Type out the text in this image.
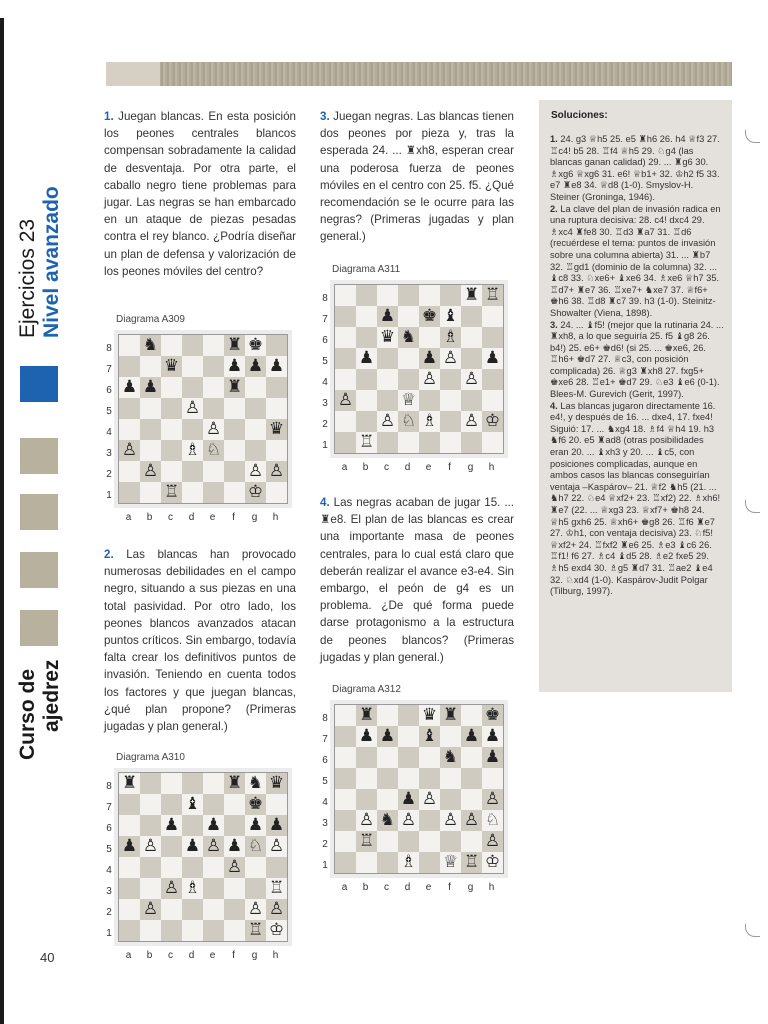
Ejercicios 23 Nivel avanzado
Curso de ajedrez
40
1. Juegan blancas. En esta posición los peones centrales blancos compensan sobradamente la calidad de desventaja. Por otra parte, el caballo negro tiene problemas para jugar. Las negras se han embarcado en un ataque de piezas pesadas contra el rey blanco. ¿Podría diseñar un plan de defensa y valorización de los peones móviles del centro?
2. Las blancas han provocado numerosas debilidades en el campo negro, situando a sus piezas en una total pasividad. Por otro lado, los peones blancos avanzados atacan puntos críticos. Sin embargo, todavía falta crear los definitivos puntos de invasión. Teniendo en cuenta todos los factores y que juegan blancas, ¿qué plan propone? (Primeras jugadas y plan general.)
3. Juegan negras. Las blancas tienen dos peones por pieza y, tras la esperada 24. ... ♜xh8, esperan crear una poderosa fuerza de peones móviles en el centro con 25. f5. ¿Qué recomendación se le ocurre para las negras? (Primeras jugadas y plan general.)
4. Las negras acaban de jugar 15. ... ♜e8. El plan de las blancas es crear una importante masa de peones centrales, para lo cual está claro que deberán realizar el avance e3-e4. Sin embargo, el peón de g4 es un problema. ¿De qué forma puede darse protagonismo a la estructura de peones blancos? (Primeras jugadas y plan general.)
Diagrama A309
8
7
6
5
4
3
2
1
♞	♜ ♚
♛	♟ ♟ ♟
♟ ♟	♜
♙
♙	♛
♙	♗ ♘
♙	♙ ♙
♖	♔
a	b	c	d	e	f	g	h
Diagrama A310
8
7
6
5
4
3
2
1
♜	♜ ♞ ♛
♝	♚
♟ ♟ ♟ ♟
♟ ♙ ♟ ♙ ♟ ♘ ♙
♙
♙ ♗	♖
♙	♙ ♙
♖ ♔
a	b	c	d	e	f	g	h
Diagrama A311
8
7
6
5
4
3
2
1
♜ ♖
♟ ♚ ♝
♛ ♞ ♗
♟	♟ ♙ ♟
♙ ♙
♙	♕
♙ ♘ ♗ ♙ ♔
♖
a	b	c	d	e	f	g	h
Diagrama A312
8
7
6
5
4
3
2
1
♜	♛ ♜ ♚
♟ ♟ ♝ ♟ ♟
♞ ♟
♟ ♙	♙
♙ ♞ ♙ ♙ ♙ ♘
♖	♙
♗ ♕ ♖ ♔
a	b	c	d	e	f	g	h
Soluciones:

1. 24. g3 ♕h5 25. e5 ♜h6 26. h4 ♕f3 27. ♖c4! b5 28. ♖f4 ♕h5 29. ♘g4 (las blancas ganan calidad) 29. ... ♜g6 30. ♗xg6 ♕xg6 31. e6! ♕b1+ 32. ♔h2 f5 33. e7 ♜e8 34. ♕d8 (1-0). Smyslov-H. Steiner (Groninga, 1946).

2. La clave del plan de invasión radica en una ruptura decisiva: 28. c4! dxc4 29. ♗xc4 ♜fe8 30. ♖d3 ♜a7 31. ♖d6 (recuérdese el tema: puntos de invasión sobre una columna abierta) 31. ... ♜b7 32. ♖gd1 (dominio de la columna) 32. ... ♝c8 33. ♘xe6+ ♝xe6 34. ♗xe6 ♕h7 35. ♖d7+ ♜e7 36. ♖xe7+ ♞xe7 37. ♕f6+ ♚h6 38. ♖d8 ♜c7 39. h3 (1-0). Steinitz-Showalter (Viena, 1898).

3. 24. ... ♝f5! (mejor que la rutinaria 24. ... ♜xh8, a lo que seguiría 25. f5 ♝g8 26. b4!) 25. e6+ ♚d6! (si 25. ... ♚xe6, 26. ♖h6+ ♚d7 27. ♕c3, con posición complicada) 26. ♕g3 ♜xh8 27. fxg5+ ♚xe6 28. ♖e1+ ♚d7 29. ♘e3 ♝e6 (0-1). Blees-M. Gurevich (Gerit, 1997).

4. Las blancas jugaron directamente 16. e4!, y después de 16. ... dxe4, 17. fxe4! Siguió: 17. ... ♞xg4 18. ♗f4 ♕h4 19. h3 ♞f6 20. e5 ♜ad8 (otras posibilidades eran 20. ... ♝xh3 y 20. ... ♝c5, con posiciones complicadas, aunque en ambos casos las blancas conseguirían ventaja –Kaspárov– 21. ♕f2 ♞h5 (21. ... ♞h7 22. ♘e4 ♕xf2+ 23. ♖xf2) 22. ♗xh6! ♜e7 (22. ... ♕xg3 23. ♕xf7+ ♚h8 24. ♕h5 gxh6 25. ♕xh6+ ♚g8 26. ♖f6 ♜e7 27. ♔h1, con ventaja decisiva) 23. ♘f5! ♕xf2+ 24. ♖fxf2 ♜e6 25. ♗e3 ♝c6 26. ♖f1! f6 27. ♗c4 ♝d5 28. ♗e2 fxe5 29. ♗h5 exd4 30. ♗g5 ♜d7 31. ♖ae2 ♝e4 32. ♘xd4 (1-0). Kaspárov-Judit Polgar (Tilburg, 1997).
